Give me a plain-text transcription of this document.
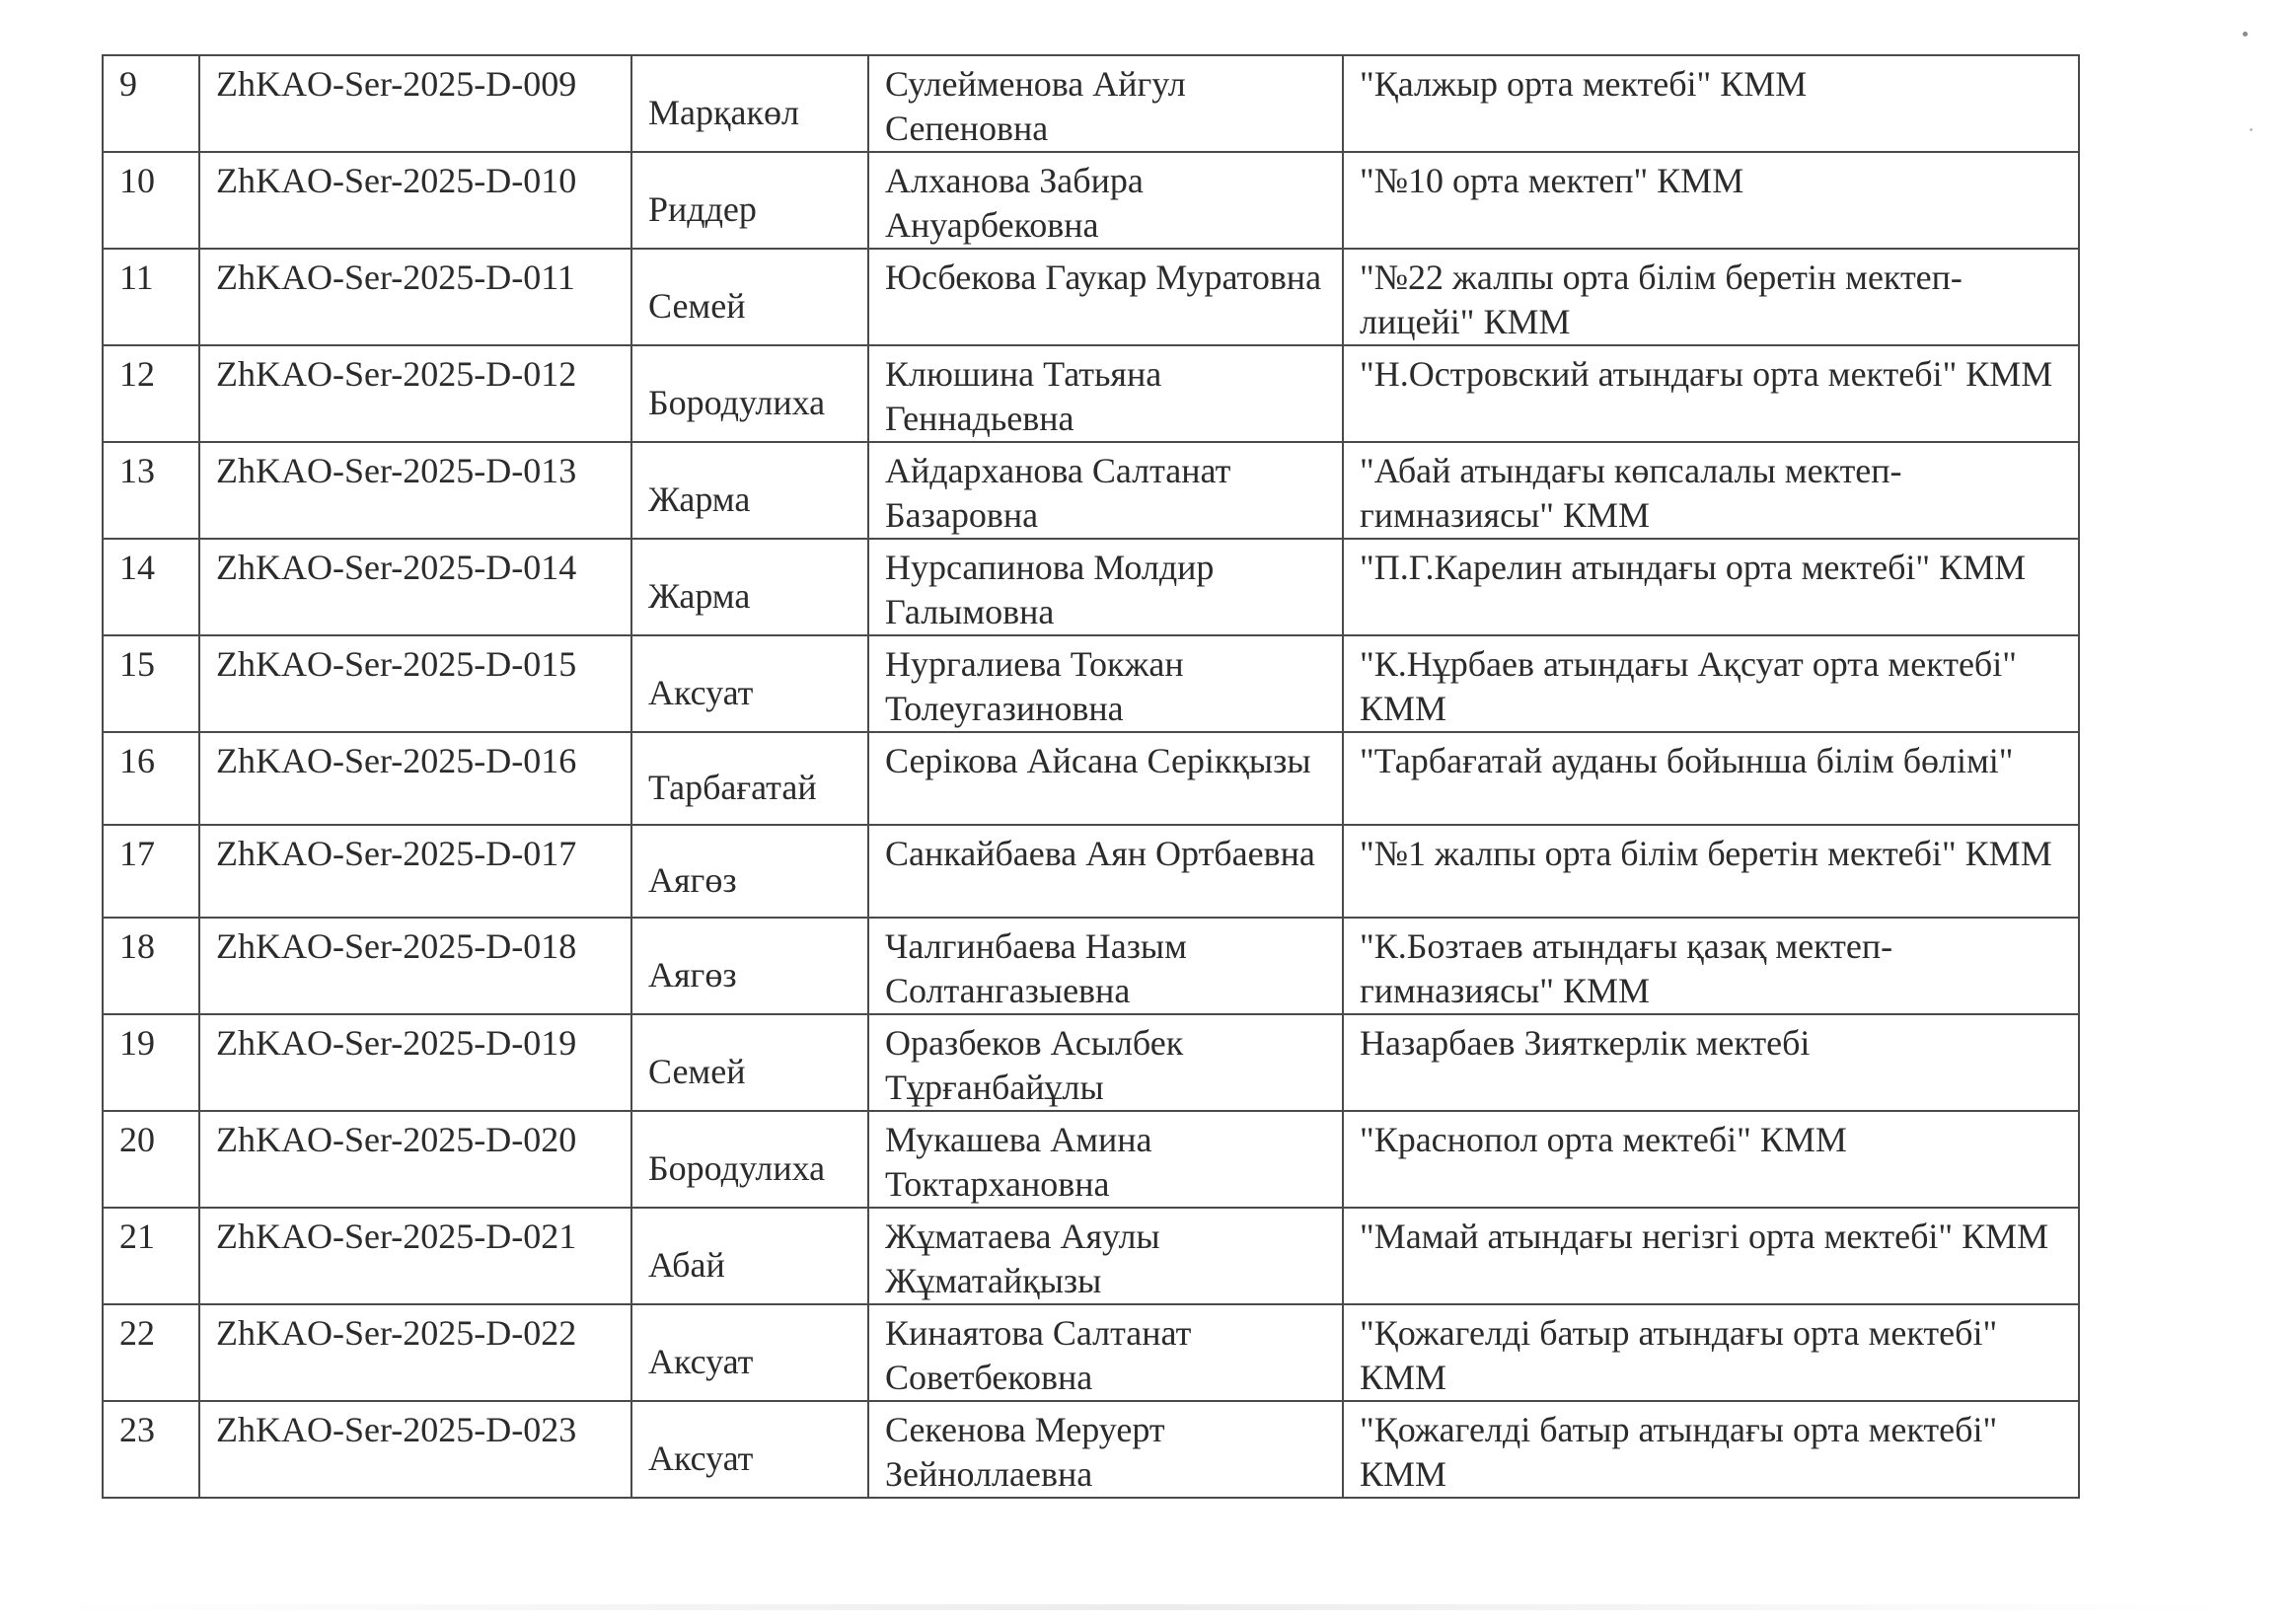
9	ZhKAO-Ser-2025-D-009	Марқакөл	Сулейменова Айгул Сепеновна	"Қалжыр орта мектебі" КММ

10	ZhKAO-Ser-2025-D-010	Риддер	Алханова Забира Ануарбековна	"№10 орта мектеп" КММ

11	ZhKAO-Ser-2025-D-011	Семей	Юсбекова Гаукар Муратовна	"№22 жалпы орта білім беретін мектеп-лицейі" КММ

12	ZhKAO-Ser-2025-D-012	Бородулиха	Клюшина Татьяна Геннадьевна	"Н.Островский атындағы орта мектебі" КММ

13	ZhKAO-Ser-2025-D-013	Жарма	Айдарханова Салтанат Базаровна	"Абай атындағы көпсалалы мектеп-гимназиясы" КММ

14	ZhKAO-Ser-2025-D-014	Жарма	Нурсапинова Молдир Галымовна	"П.Г.Карелин атындағы орта мектебі" КММ

15	ZhKAO-Ser-2025-D-015	Аксуат	Нургалиева Токжан Толеугазиновна	"К.Нұрбаев атындағы Ақсуат орта мектебі" КММ

16	ZhKAO-Ser-2025-D-016	Тарбағатай	Серікова Айсана Серікқызы	"Тарбағатай ауданы бойынша білім бөлімі"

17	ZhKAO-Ser-2025-D-017	Аягөз	Санкайбаева Аян Ортбаевна	"№1 жалпы орта білім беретін мектебі" КММ

18	ZhKAO-Ser-2025-D-018	Аягөз	Чалгинбаева Назым Солтангазыевна	"К.Бозтаев атындағы қазақ мектеп-гимназиясы" КММ

19	ZhKAO-Ser-2025-D-019	Семей	Оразбеков Асылбек Тұрғанбайұлы	Назарбаев Зияткерлік мектебі

20	ZhKAO-Ser-2025-D-020	Бородулиха	Мукашева Амина Токтархановна	"Краснопол орта мектебі" КММ

21	ZhKAO-Ser-2025-D-021	Абай	Жұматаева Аяулы Жұматайқызы	"Мамай атындағы негізгі орта мектебі" КММ

22	ZhKAO-Ser-2025-D-022	Аксуат	Кинаятова Салтанат Советбековна	"Қожагелді батыр атындағы орта мектебі" КММ

23	ZhKAO-Ser-2025-D-023	Аксуат	Секенова Меруерт Зейноллаевна	"Қожагелді батыр атындағы орта мектебі" КММ
